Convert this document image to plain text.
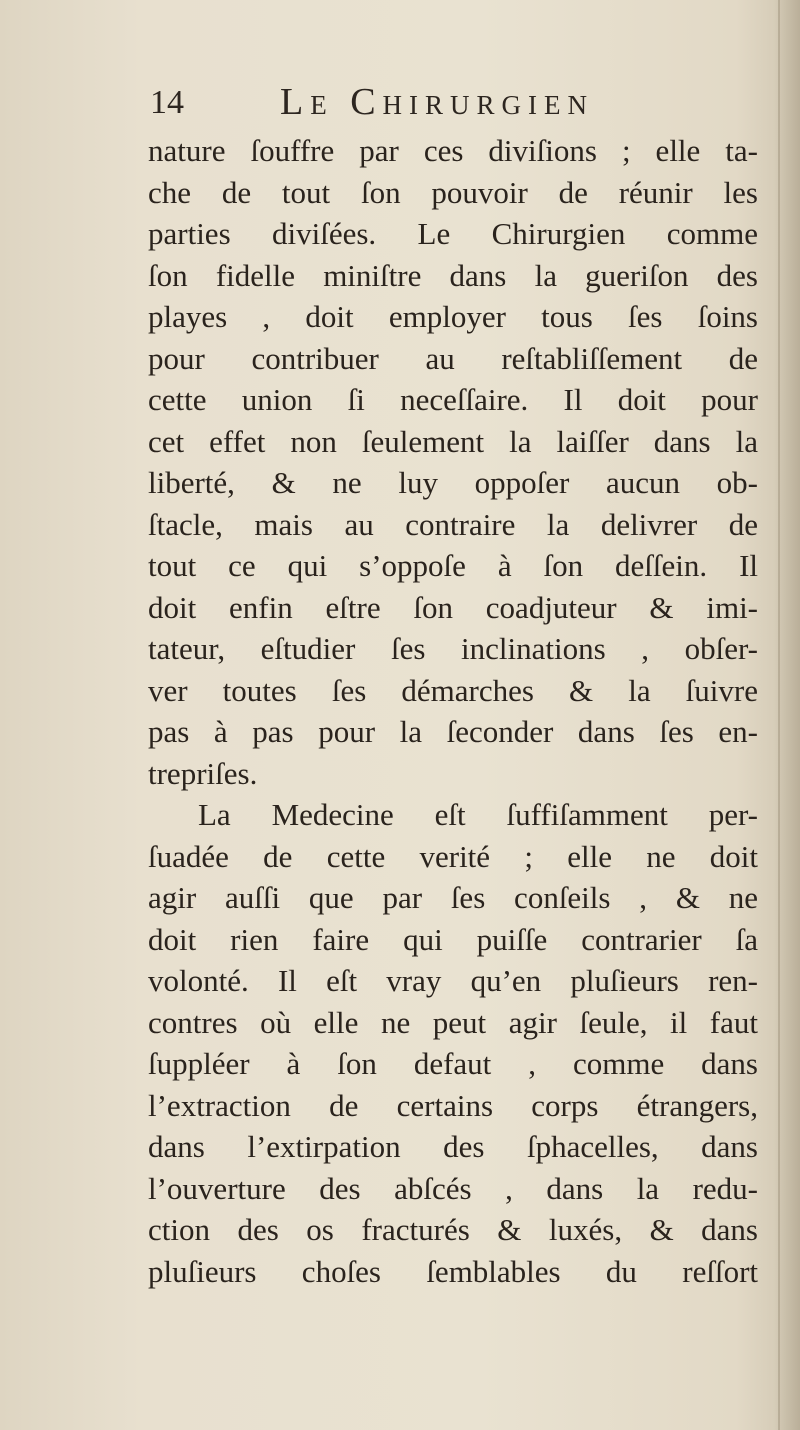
14	Le Chirurgien
nature ſouffre par ces diviſions ; elle ta-
che de tout ſon pouvoir de réunir les
parties diviſées. Le Chirurgien comme
ſon fidelle miniſtre dans la gueriſon des
playes , doit employer tous ſes ſoins
pour contribuer au reſtabliſſement de
cette union ſi neceſſaire. Il doit pour
cet effet non ſeulement la laiſſer dans la
liberté, & ne luy oppoſer aucun ob-
ſtacle, mais au contraire la delivrer de
tout ce qui s’oppoſe à ſon deſſein. Il
doit enfin eſtre ſon coadjuteur & imi-
tateur, eſtudier ſes inclinations , obſer-
ver toutes ſes démarches & la ſuivre
pas à pas pour la ſeconder dans ſes en-
trepriſes.
La Medecine eſt ſuffiſamment per-
ſuadée de cette verité ; elle ne doit
agir auſſi que par ſes conſeils , & ne
doit rien faire qui puiſſe contrarier ſa
volonté. Il eſt vray qu’en pluſieurs ren-
contres où elle ne peut agir ſeule, il faut
ſuppléer à ſon defaut , comme dans
l’extraction de certains corps étrangers,
dans l’extirpation des ſphacelles, dans
l’ouverture des abſcés , dans la redu-
ction des os fracturés & luxés, & dans
pluſieurs choſes ſemblables du reſſort
